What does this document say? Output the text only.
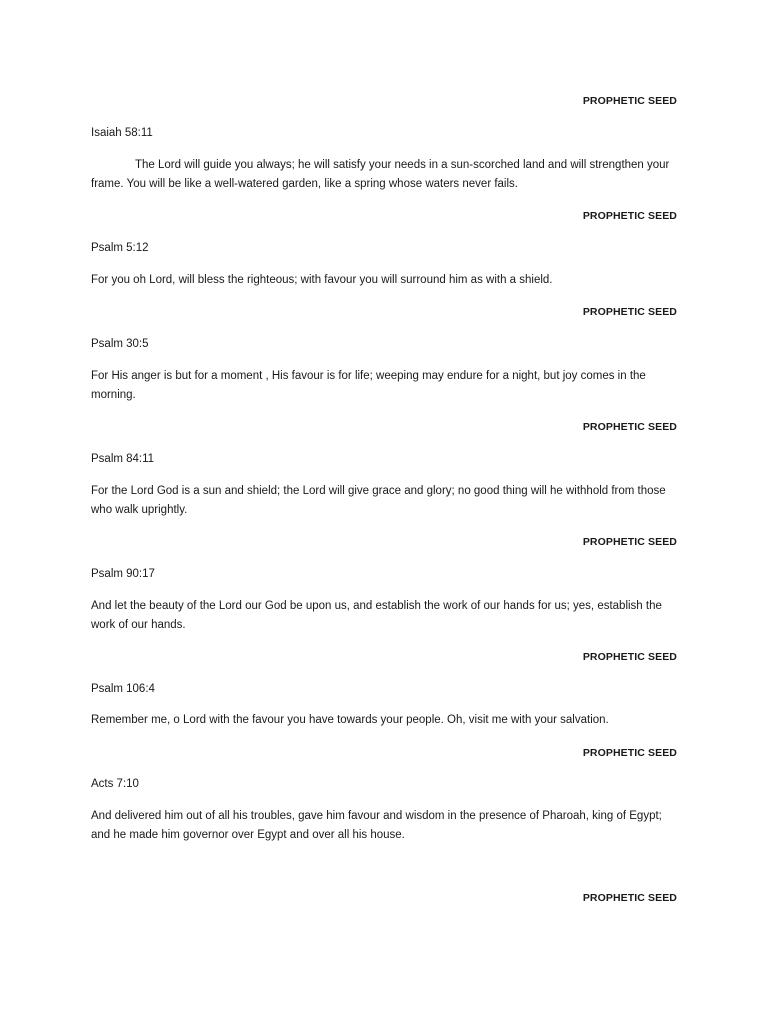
PROPHETIC SEED

Isaiah 58:11

The Lord will guide you always; he will satisfy your needs in a sun-scorched land and will strengthen your frame. You will be like a well-watered garden, like a spring whose waters never fails.

PROPHETIC SEED

Psalm 5:12

For you oh Lord, will bless the righteous; with favour you will surround him as with a shield.

PROPHETIC SEED

Psalm 30:5

For His anger is but for a moment , His favour is for life; weeping may endure for a night, but joy comes in the morning.

PROPHETIC SEED

Psalm 84:11

For the Lord God is a sun and shield; the Lord will give grace and glory; no good thing will he withhold from those who walk uprightly.

PROPHETIC SEED

Psalm 90:17

And let the beauty of the Lord our God be upon us, and establish the work of our hands for us; yes, establish the work of our hands.

PROPHETIC SEED

Psalm 106:4

Remember me, o Lord with the favour you have towards your people. Oh, visit me with your salvation.

PROPHETIC SEED

Acts 7:10

And delivered him out of all his troubles, gave him favour and wisdom in the presence of Pharoah, king of Egypt; and he made him governor over Egypt and over all his house.

PROPHETIC SEED
